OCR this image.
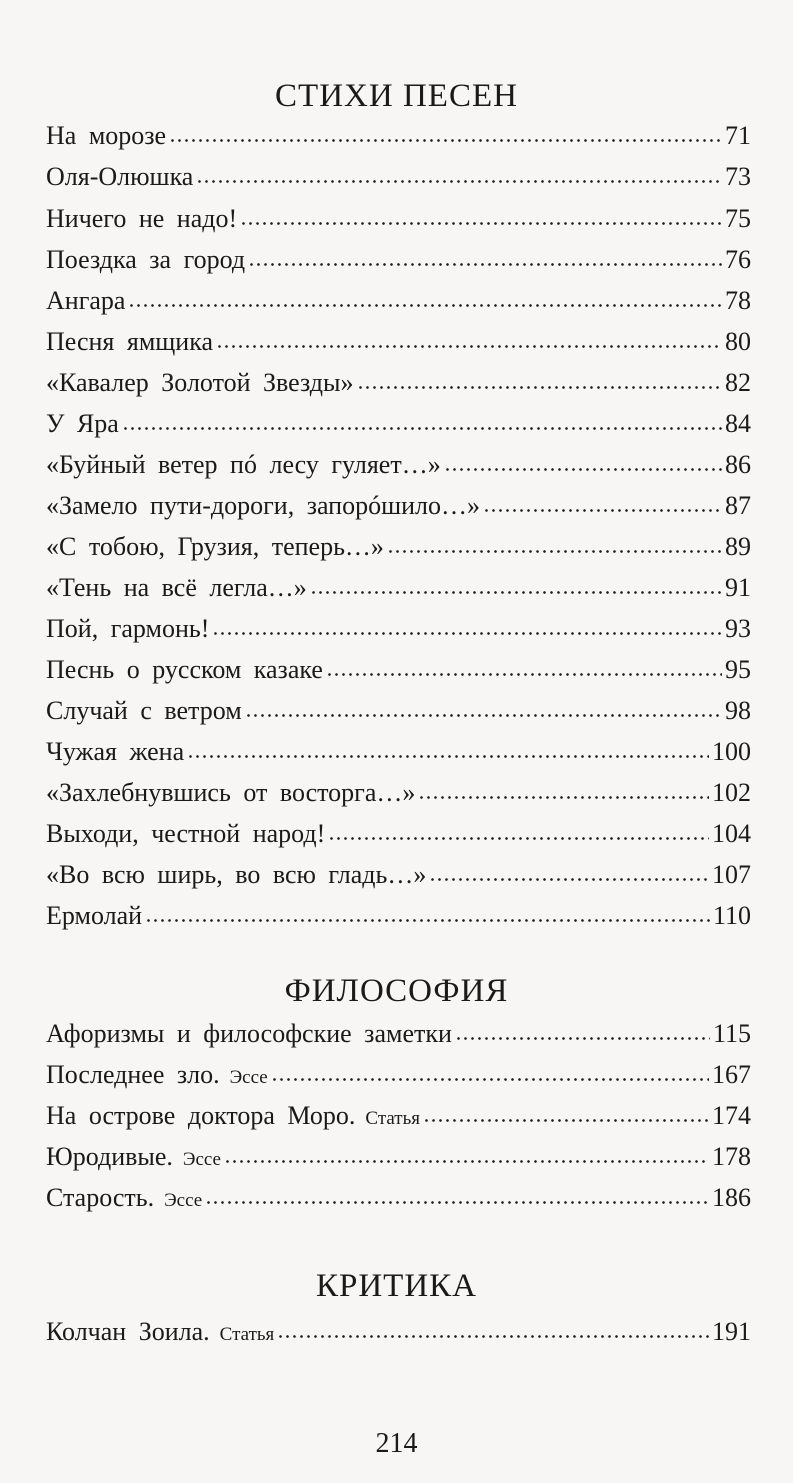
СТИХИ ПЕСЕН
На морозе	71
Оля-Олюшка	73
Ничего не надо!	75
Поездка за город	76
Ангара	78
Песня ямщика	80
«Кавалер Золотой Звезды»	82
У Яра	84
«Буйный ветер пó лесу гуляет…»	86
«Замело пути-дороги, запорóшило…»	87
«С тобою, Грузия, теперь…»	89
«Тень на всё легла…»	91
Пой, гармонь!	93
Песнь о русском казаке	95
Случай с ветром	98
Чужая жена	100
«Захлебнувшись от восторга…»	102
Выходи, честной народ!	104
«Во всю ширь, во всю гладь…»	107
Ермолай	110
ФИЛОСОФИЯ
Афоризмы и философские заметки	115
Последнее зло. Эссе	167
На острове доктора Моро. Статья	174
Юродивые. Эссе	178
Старость. Эссе	186
КРИТИКА
Колчан Зоила. Статья	191
214
